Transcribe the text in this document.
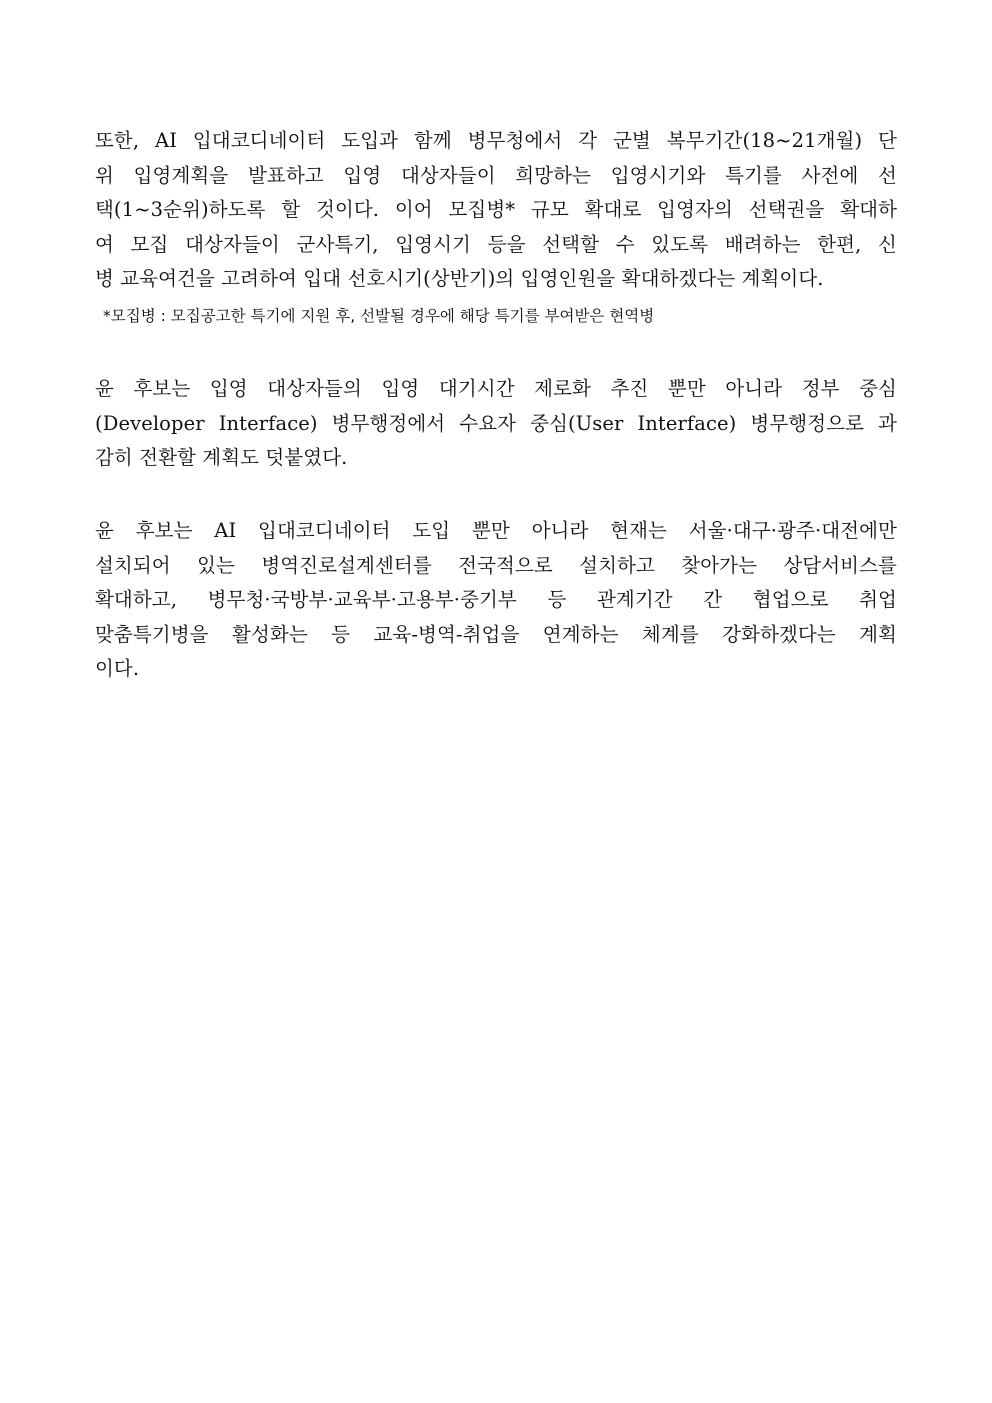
또한, AI 입대코디네이터 도입과 함께 병무청에서 각 군별 복무기간(18~21개월) 단
위 입영계획을 발표하고 입영 대상자들이 희망하는 입영시기와 특기를 사전에 선
택(1~3순위)하도록 할 것이다. 이어 모집병* 규모 확대로 입영자의 선택권을 확대하
여 모집 대상자들이 군사특기, 입영시기 등을 선택할 수 있도록 배려하는 한편, 신
병 교육여건을 고려하여 입대 선호시기(상반기)의 입영인원을 확대하겠다는 계획이다.

*모집병 : 모집공고한 특기에 지원 후, 선발될 경우에 해당 특기를 부여받은 현역병

윤 후보는 입영 대상자들의 입영 대기시간 제로화 추진 뿐만 아니라 정부 중심
(Developer Interface) 병무행정에서 수요자 중심(User Interface) 병무행정으로 과
감히 전환할 계획도 덧붙였다.
윤 후보는 AI 입대코디네이터 도입 뿐만 아니라 현재는 서울·대구·광주·대전에만
설치되어 있는 병역진로설계센터를 전국적으로 설치하고 찾아가는 상담서비스를
확대하고, 병무청·국방부·교육부·고용부·중기부 등 관계기간 간 협업으로 취업
맞춤특기병을 활성화는 등 교육-병역-취업을 연계하는 체계를 강화하겠다는 계획
이다.
